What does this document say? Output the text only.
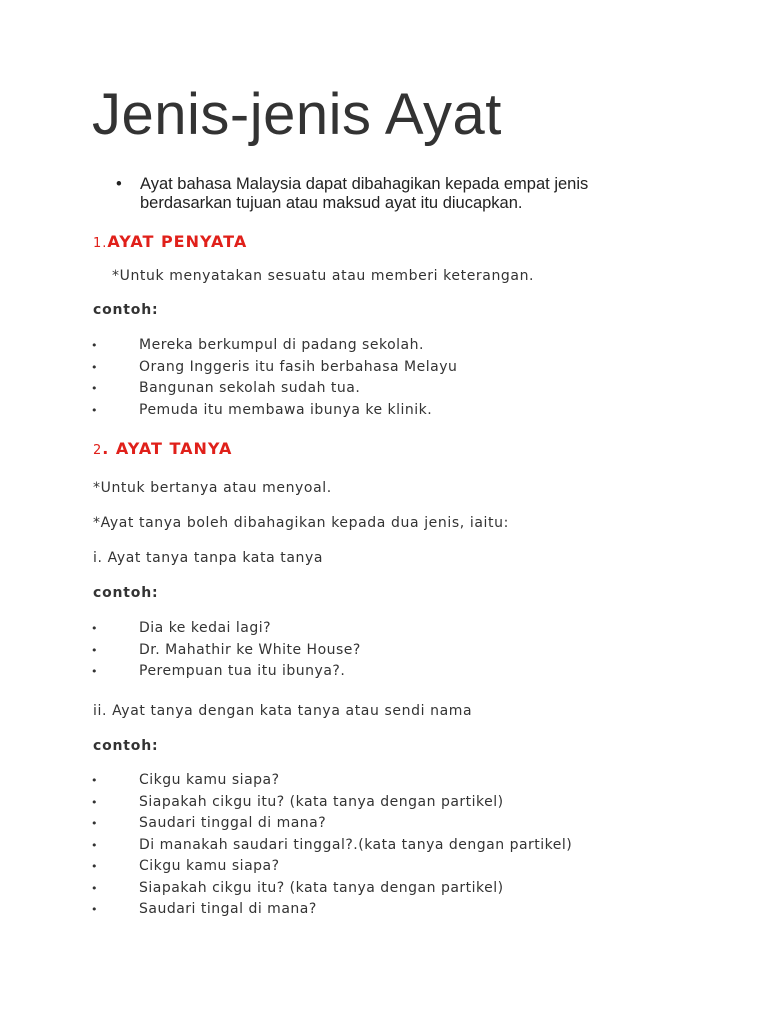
Jenis-jenis Ayat
• Ayat bahasa Malaysia dapat dibahagikan kepada empat jenis berdasarkan tujuan atau maksud ayat itu diucapkan.
1.AYAT PENYATA
*Untuk menyatakan sesuatu atau memberi keterangan.
contoh:
•	Mereka berkumpul di padang sekolah.
•	Orang Inggeris itu fasih berbahasa Melayu
•	Bangunan sekolah sudah tua.
•	Pemuda itu membawa ibunya ke klinik.
2. AYAT TANYA
*Untuk bertanya atau menyoal.
*Ayat tanya boleh dibahagikan kepada dua jenis, iaitu:
i. Ayat tanya tanpa kata tanya
contoh:
•	Dia ke kedai lagi?
•	Dr. Mahathir ke White House?
•	Perempuan tua itu ibunya?.
ii. Ayat tanya dengan kata tanya atau sendi nama
contoh:
•	Cikgu kamu siapa?
•	Siapakah cikgu itu? (kata tanya dengan partikel)
•	Saudari tinggal di mana?
•	Di manakah saudari tinggal?.(kata tanya dengan partikel)
•	Cikgu kamu siapa?
•	Siapakah cikgu itu? (kata tanya dengan partikel)
•	Saudari tingal di mana?
